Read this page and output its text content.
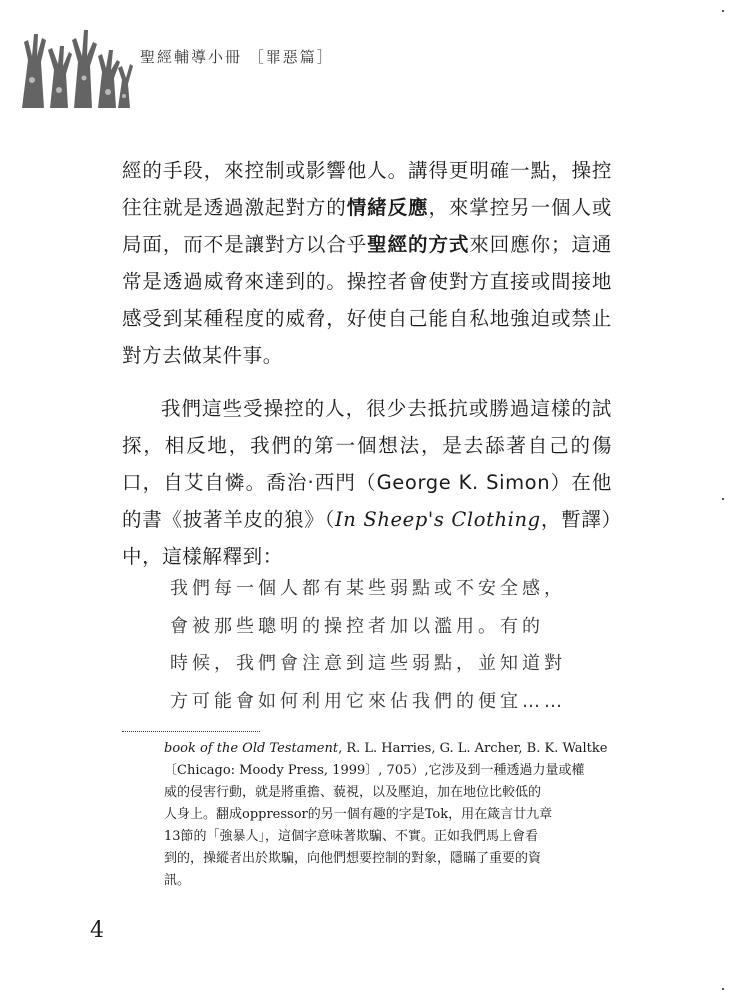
聖經輔導小冊 ［罪惡篇］

經的手段，來控制或影響他人。講得更明確一點，操控往往就是透過激起對方的情緒反應，來掌控另一個人或局面，而不是讓對方以合乎聖經的方式來回應你；這通常是透過威脅來達到的。操控者會使對方直接或間接地感受到某種程度的威脅，好使自己能自私地強迫或禁止對方去做某件事。

我們這些受操控的人，很少去抵抗或勝過這樣的試探，相反地，我們的第一個想法，是去舔著自己的傷口，自艾自憐。喬治‧西門（George K. Simon）在他的書《披著羊皮的狼》（In Sheep's Clothing，暫譯）中，這樣解釋到：

我們每一個人都有某些弱點或不安全感，

會被那些聰明的操控者加以濫用。有的

時候，我們會注意到這些弱點，並知道對

方可能會如何利用它來佔我們的便宜……

book of the Old Testament, R. L. Harries, G. L. Archer, B. K. Waltke

〔Chicago: Moody Press, 1999〕, 705）,它涉及到一種透過力量或權

威的侵害行動，就是將重擔、藐視，以及壓迫，加在地位比較低的

人身上。翻成oppressor的另一個有趣的字是Tok，用在箴言廿九章

13節的「強暴人」，這個字意味著欺騙、不實。正如我們馬上會看

到的，操縱者出於欺騙，向他們想要控制的對象，隱瞞了重要的資

訊。

4
